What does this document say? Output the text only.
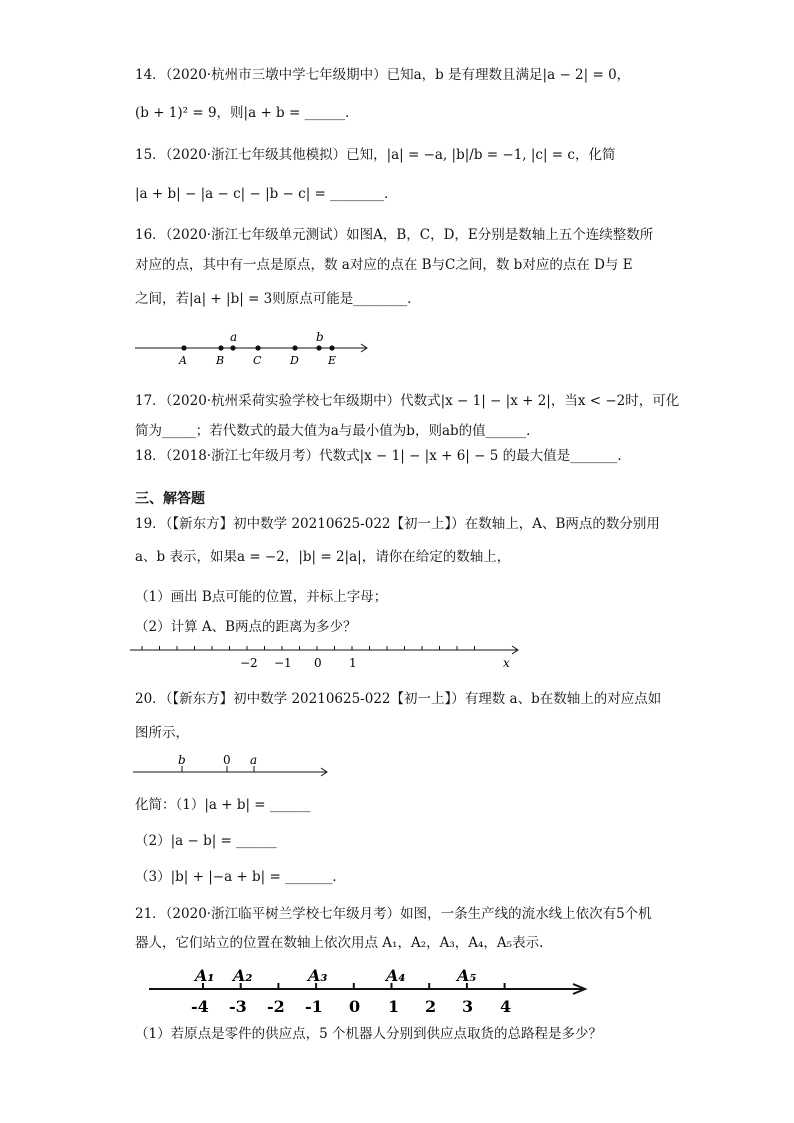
14．（2020·杭州市三墩中学七年级期中）已知a，b 是有理数且满足|a − 2| = 0，
(b + 1)² = 9，则|a + b = ______．
15．（2020·浙江七年级其他模拟）已知，|a| = −a, |b|/b = −1, |c| = c，化简
|a + b| − |a − c| − |b − c| = ________．
16．（2020·浙江七年级单元测试）如图A，B，C，D，E分别是数轴上五个连续整数所
对应的点，其中有一点是原点，数 a对应的点在 B与C之间，数 b对应的点在 D与 E
之间，若|a| + |b| = 3则原点可能是________．
a	b
A	B	C	D	E
17．（2020·杭州采荷实验学校七年级期中）代数式|x − 1| − |x + 2|，当x < −2时，可化
简为_____；若代数式的最大值为a与最小值为b，则ab的值______．
18．（2018·浙江七年级月考）代数式|x − 1| − |x + 6| − 5 的最大值是_______．
三、解答题
19．（【新东方】初中数学 20210625-022【初一上】）在数轴上，A、B两点的数分别用
a、b 表示，如果a = −2，|b| = 2|a|，请你在给定的数轴上，
（1）画出 B点可能的位置，并标上字母；
（2）计算 A、B两点的距离为多少？
−2 −1 0 1	x
20．（【新东方】初中数学 20210625-022【初一上】）有理数 a、b在数轴上的对应点如
图所示，
b	0 a
化简：（1）|a + b| = ______
（2）|a − b| = ______
（3）|b| + |−a + b| = _______．
21．（2020·浙江临平树兰学校七年级月考）如图，一条生产线的流水线上依次有5个机
器人，它们站立的位置在数轴上依次用点 A₁，A₂，A₃，A₄，A₅表示．
A₁ A₂	A₃	A₄	A₅
-4 -3 -2 -1 0 1 2 3 4
（1）若原点是零件的供应点，5 个机器人分别到供应点取货的总路程是多少？
